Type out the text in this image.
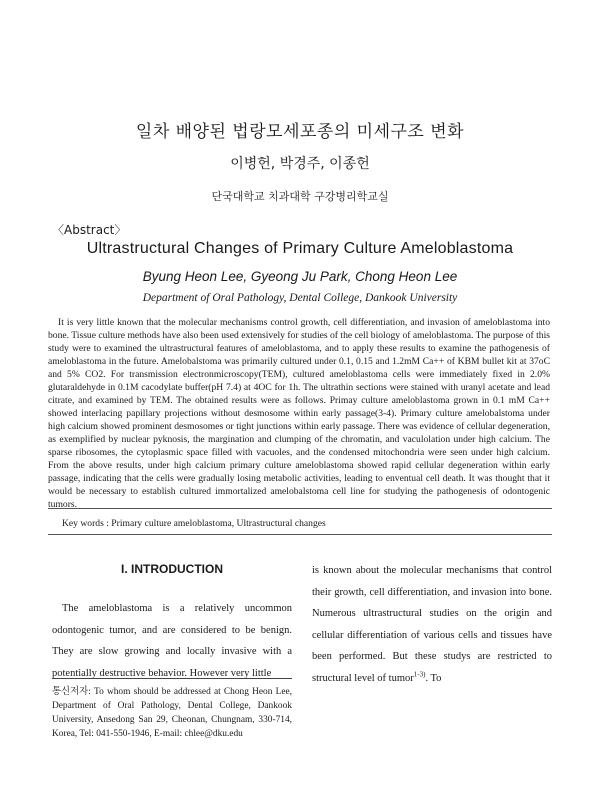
일차 배양된 법랑모세포종의 미세구조 변화
이병헌, 박경주, 이종헌
단국대학교 치과대학 구강병리학교실
〈Abstract〉
Ultrastructural Changes of Primary Culture Ameloblastoma
Byung Heon Lee, Gyeong Ju Park, Chong Heon Lee
Department of Oral Pathology, Dental College, Dankook University

It is very little known that the molecular mechanisms control growth, cell differentiation, and invasion of ameloblastoma into bone. Tissue culture methods have also been used extensively for studies of the cell biology of ameloblastoma. The purpose of this study were to examined the ultrastructural features of ameloblastoma, and to apply these results to examine the pathogenesis of ameloblastoma in the future. Amelobalstoma was primarily cultured under 0.1, 0.15 and 1.2mM Ca++ of KBM bullet kit at 37oC and 5% CO2. For transmission electronmicroscopy(TEM), cultured ameloblastoma cells were immediately fixed in 2.0% glutaraldehyde in 0.1M cacodylate buffer(pH 7.4) at 4OC for 1h. The ultrathin sections were stained with uranyl acetate and lead citrate, and examined by TEM. The obtained results were as follows. Primay culture ameloblastoma grown in 0.1 mM Ca++ showed interlacing papillary projections without desmosome within early passage(3-4). Primary culture amelobalstoma under high calcium showed prominent desmosomes or tight junctions within early passage. There was evidence of cellular degeneration, as exemplified by nuclear pyknosis, the margination and clumping of the chromatin, and vaculolation under high calcium. The sparse ribosomes, the cytoplasmic space filled with vacuoles, and the condensed mitochondria were seen under high calcium. From the above results, under high calcium primary culture ameloblastoma showed rapid cellular degeneration within early passage, indicating that the cells were gradually losing metabolic activities, leading to enventual cell death. It was thought that it would be necessary to establish cultured immortalized amelobalstoma cell line for studying the pathogenesis of odontogenic tumors.

Key words : Primary culture ameloblastoma, Ultrastructural changes
I. INTRODUCTION

The ameloblastoma is a relatively uncommon odontogenic tumor, and are considered to be benign. They are slow growing and locally invasive with a potentially destructive behavior. However very little

is known about the molecular mechanisms that control their growth, cell differentiation, and invasion into bone. Numerous ultrastructural studies on the origin and cellular differentiation of various cells and tissues have been performed. But these studys are restricted to structural level of tumor$^{1-3)}$. To

통신저자: To whom should be addressed at Chong Heon Lee, Department of Oral Pathology, Dental College, Dankook University, Ansedong San 29, Cheonan, Chungnam, 330-714, Korea, Tel: 041-550-1946, E-mail: chlee@dku.edu
